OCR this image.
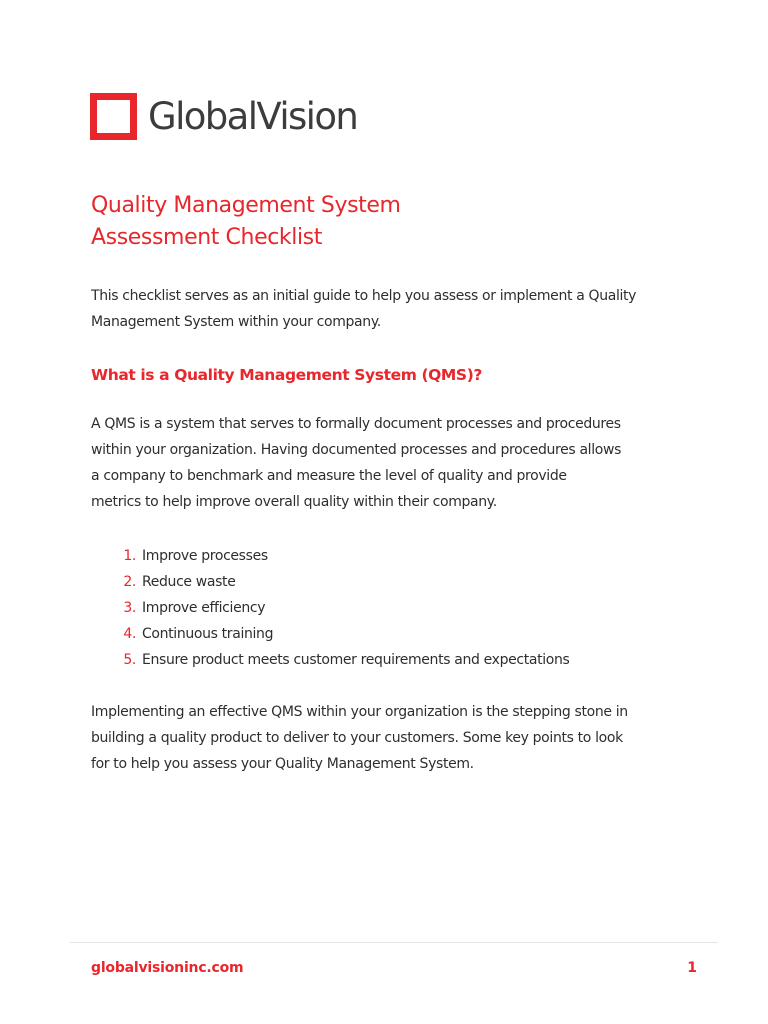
GlobalVision
Quality Management System
Assessment Checklist

This checklist serves as an initial guide to help you assess or implement a Quality
Management System within your company.

What is a Quality Management System (QMS)?

A QMS is a system that serves to formally document processes and procedures
within your organization. Having documented processes and procedures allows
a company to benchmark and measure the level of quality and provide
metrics to help improve overall quality within their company.

1. Improve processes
2. Reduce waste
3. Improve efficiency
4. Continuous training
5. Ensure product meets customer requirements and expectations

Implementing an effective QMS within your organization is the stepping stone in
building a quality product to deliver to your customers. Some key points to look
for to help you assess your Quality Management System.

globalvisioninc.com	1
